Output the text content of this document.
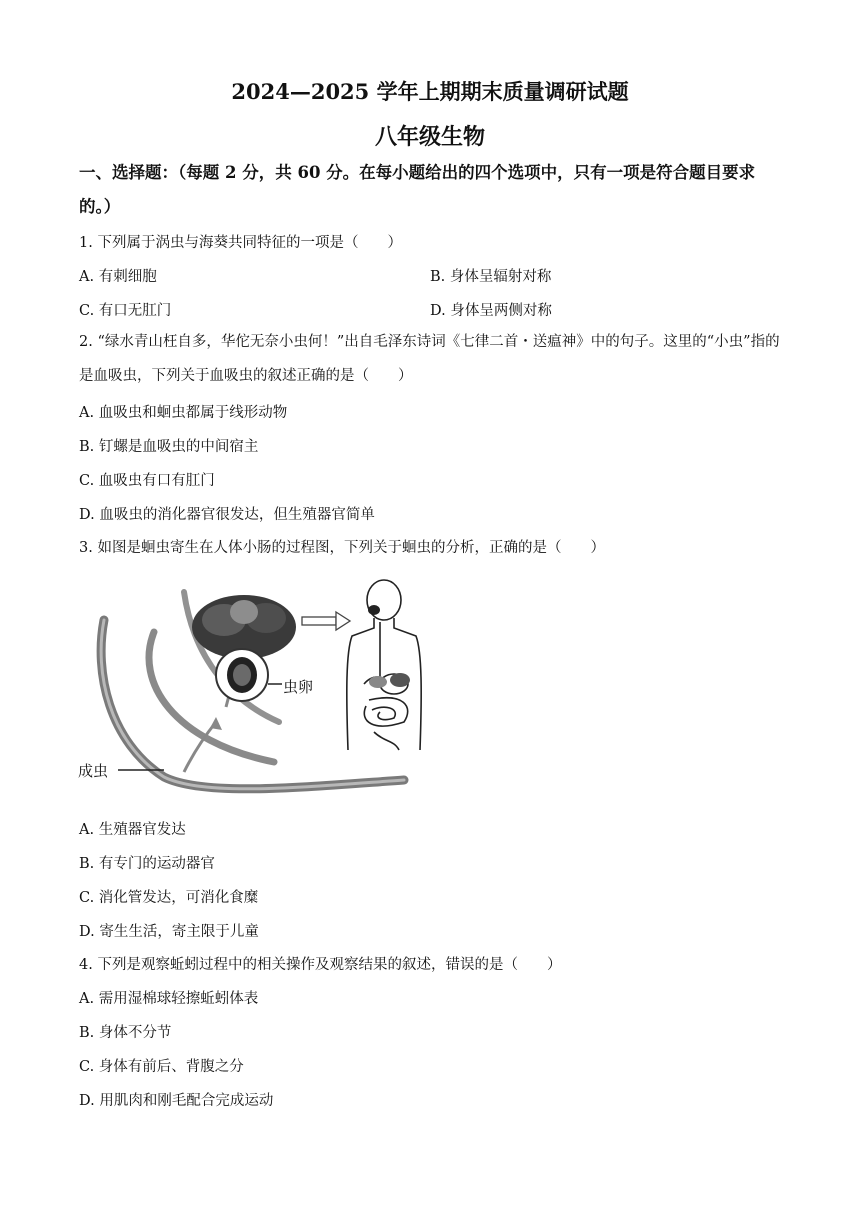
2024—2025 学年上期期末质量调研试题
八年级生物
一、选择题：（每题 2 分，共 60 分。在每小题给出的四个选项中，只有一项是符合题目要求的。）
1. 下列属于涡虫与海葵共同特征的一项是（　　）
A. 有刺细胞	B. 身体呈辐射对称
C. 有口无肛门	D. 身体呈两侧对称
2. “绿水青山枉自多，华佗无奈小虫何！”出自毛泽东诗词《七律二首・送瘟神》中的句子。这里的“小虫”指的是血吸虫，下列关于血吸虫的叙述正确的是（　　）
A. 血吸虫和蛔虫都属于线形动物
B. 钉螺是血吸虫的中间宿主
C. 血吸虫有口有肛门
D. 血吸虫的消化器官很发达，但生殖器官简单
3. 如图是蛔虫寄生在人体小肠的过程图，下列关于蛔虫的分析，正确的是（　　）
虫卵
成虫
A. 生殖器官发达
B. 有专门的运动器官
C. 消化管发达，可消化食糜
D. 寄生生活，寄主限于儿童
4. 下列是观察蚯蚓过程中的相关操作及观察结果的叙述，错误的是（　　）
A. 需用湿棉球轻擦蚯蚓体表
B. 身体不分节
C. 身体有前后、背腹之分
D. 用肌肉和刚毛配合完成运动
